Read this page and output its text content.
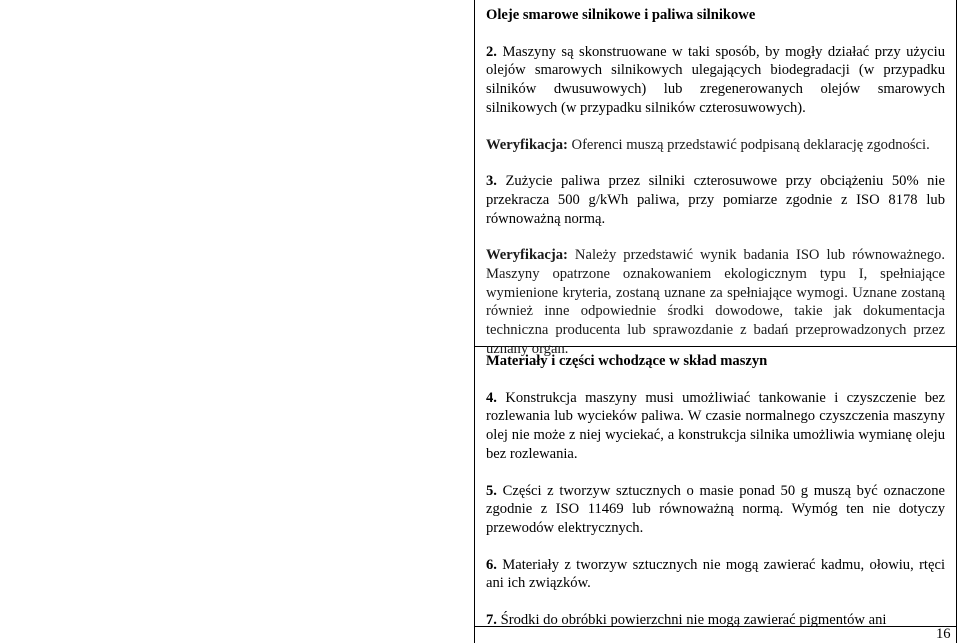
Oleje smarowe silnikowe i paliwa silnikowe

2. Maszyny są skonstruowane w taki sposób, by mogły działać przy użyciu olejów smarowych silnikowych ulegających biodegradacji (w przypadku silników dwusuwowych) lub zregenerowanych olejów smarowych silnikowych (w przypadku silników czterosuwowych).

Weryfikacja: Oferenci muszą przedstawić podpisaną deklarację zgodności.

3. Zużycie paliwa przez silniki czterosuwowe przy obciążeniu 50% nie przekracza 500 g/kWh paliwa, przy pomiarze zgodnie z ISO 8178 lub równoważną normą.

Weryfikacja: Należy przedstawić wynik badania ISO lub równoważnego. Maszyny opatrzone oznakowaniem ekologicznym typu I, spełniające wymienione kryteria, zostaną uznane za spełniające wymogi. Uznane zostaną również inne odpowiednie środki dowodowe, takie jak dokumentacja techniczna producenta lub sprawozdanie z badań przeprowadzonych przez uznany organ.

Materiały i części wchodzące w skład maszyn

4. Konstrukcja maszyny musi umożliwiać tankowanie i czyszczenie bez rozlewania lub wycieków paliwa. W czasie normalnego czyszczenia maszyny olej nie może z niej wyciekać, a konstrukcja silnika umożliwia wymianę oleju bez rozlewania.

5. Części z tworzyw sztucznych o masie ponad 50 g muszą być oznaczone zgodnie z ISO 11469 lub równoważną normą. Wymóg ten nie dotyczy przewodów elektrycznych.

6. Materiały z tworzyw sztucznych nie mogą zawierać kadmu, ołowiu, rtęci ani ich związków.

7. Środki do obróbki powierzchni nie mogą zawierać pigmentów ani

16
